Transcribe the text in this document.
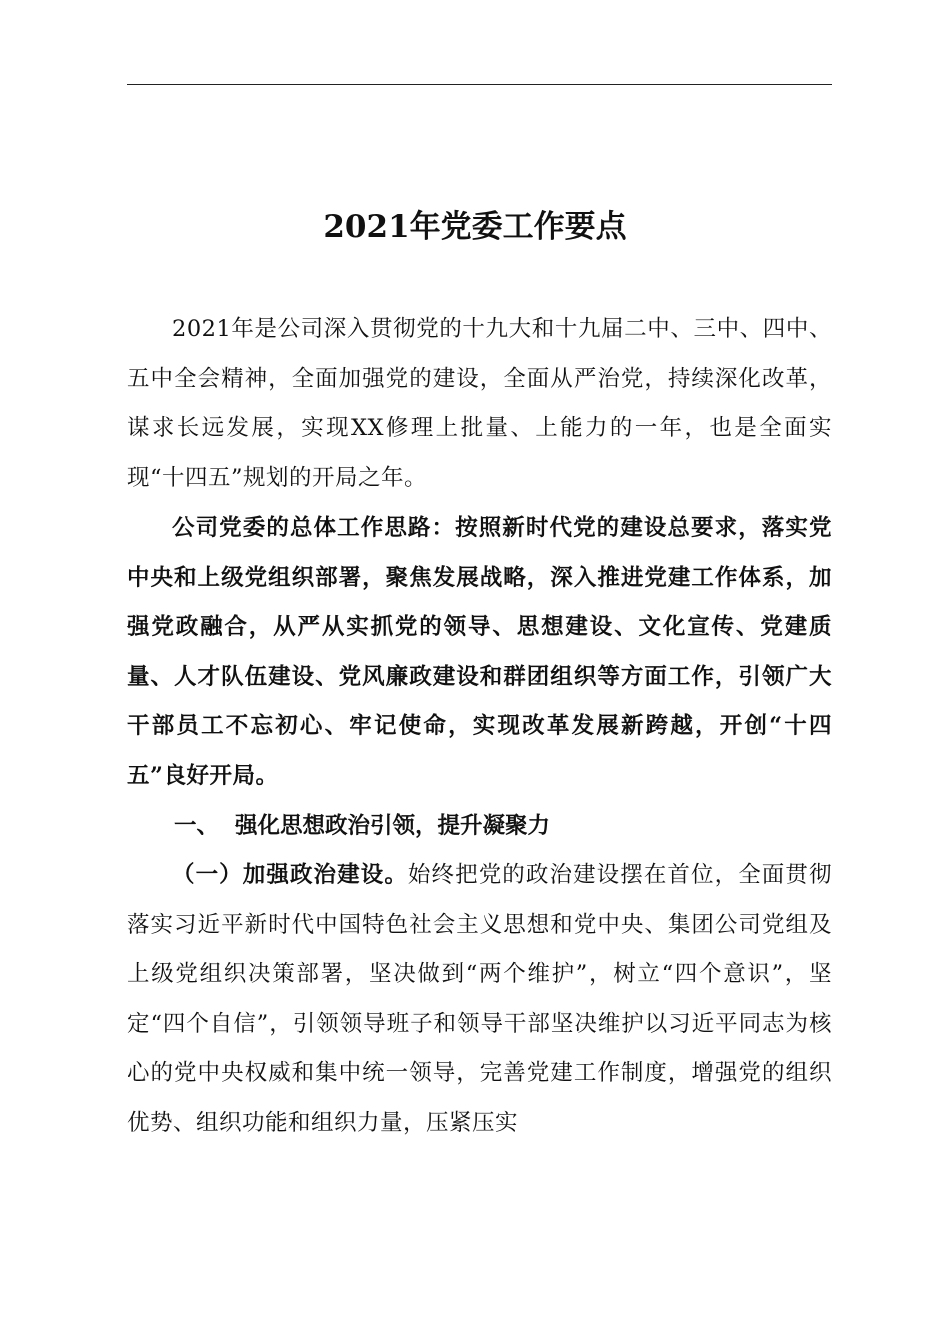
2021年党委工作要点

2021年是公司深入贯彻党的十九大和十九届二中、三中、四中、五中全会精神，全面加强党的建设，全面从严治党，持续深化改革，谋求长远发展，实现XX修理上批量、上能力的一年，也是全面实现“十四五”规划的开局之年。

公司党委的总体工作思路：按照新时代党的建设总要求，落实党中央和上级党组织部署，聚焦发展战略，深入推进党建工作体系，加强党政融合，从严从实抓党的领导、思想建设、文化宣传、党建质量、人才队伍建设、党风廉政建设和群团组织等方面工作，引领广大干部员工不忘初心、牢记使命，实现改革发展新跨越，开创“十四五”良好开局。

一、 强化思想政治引领，提升凝聚力

（一）加强政治建设。始终把党的政治建设摆在首位，全面贯彻落实习近平新时代中国特色社会主义思想和党中央、集团公司党组及上级党组织决策部署，坚决做到“两个维护”，树立“四个意识”，坚定“四个自信”，引领领导班子和领导干部坚决维护以习近平同志为核心的党中央权威和集中统一领导，完善党建工作制度，增强党的组织优势、组织功能和组织力量，压紧压实
